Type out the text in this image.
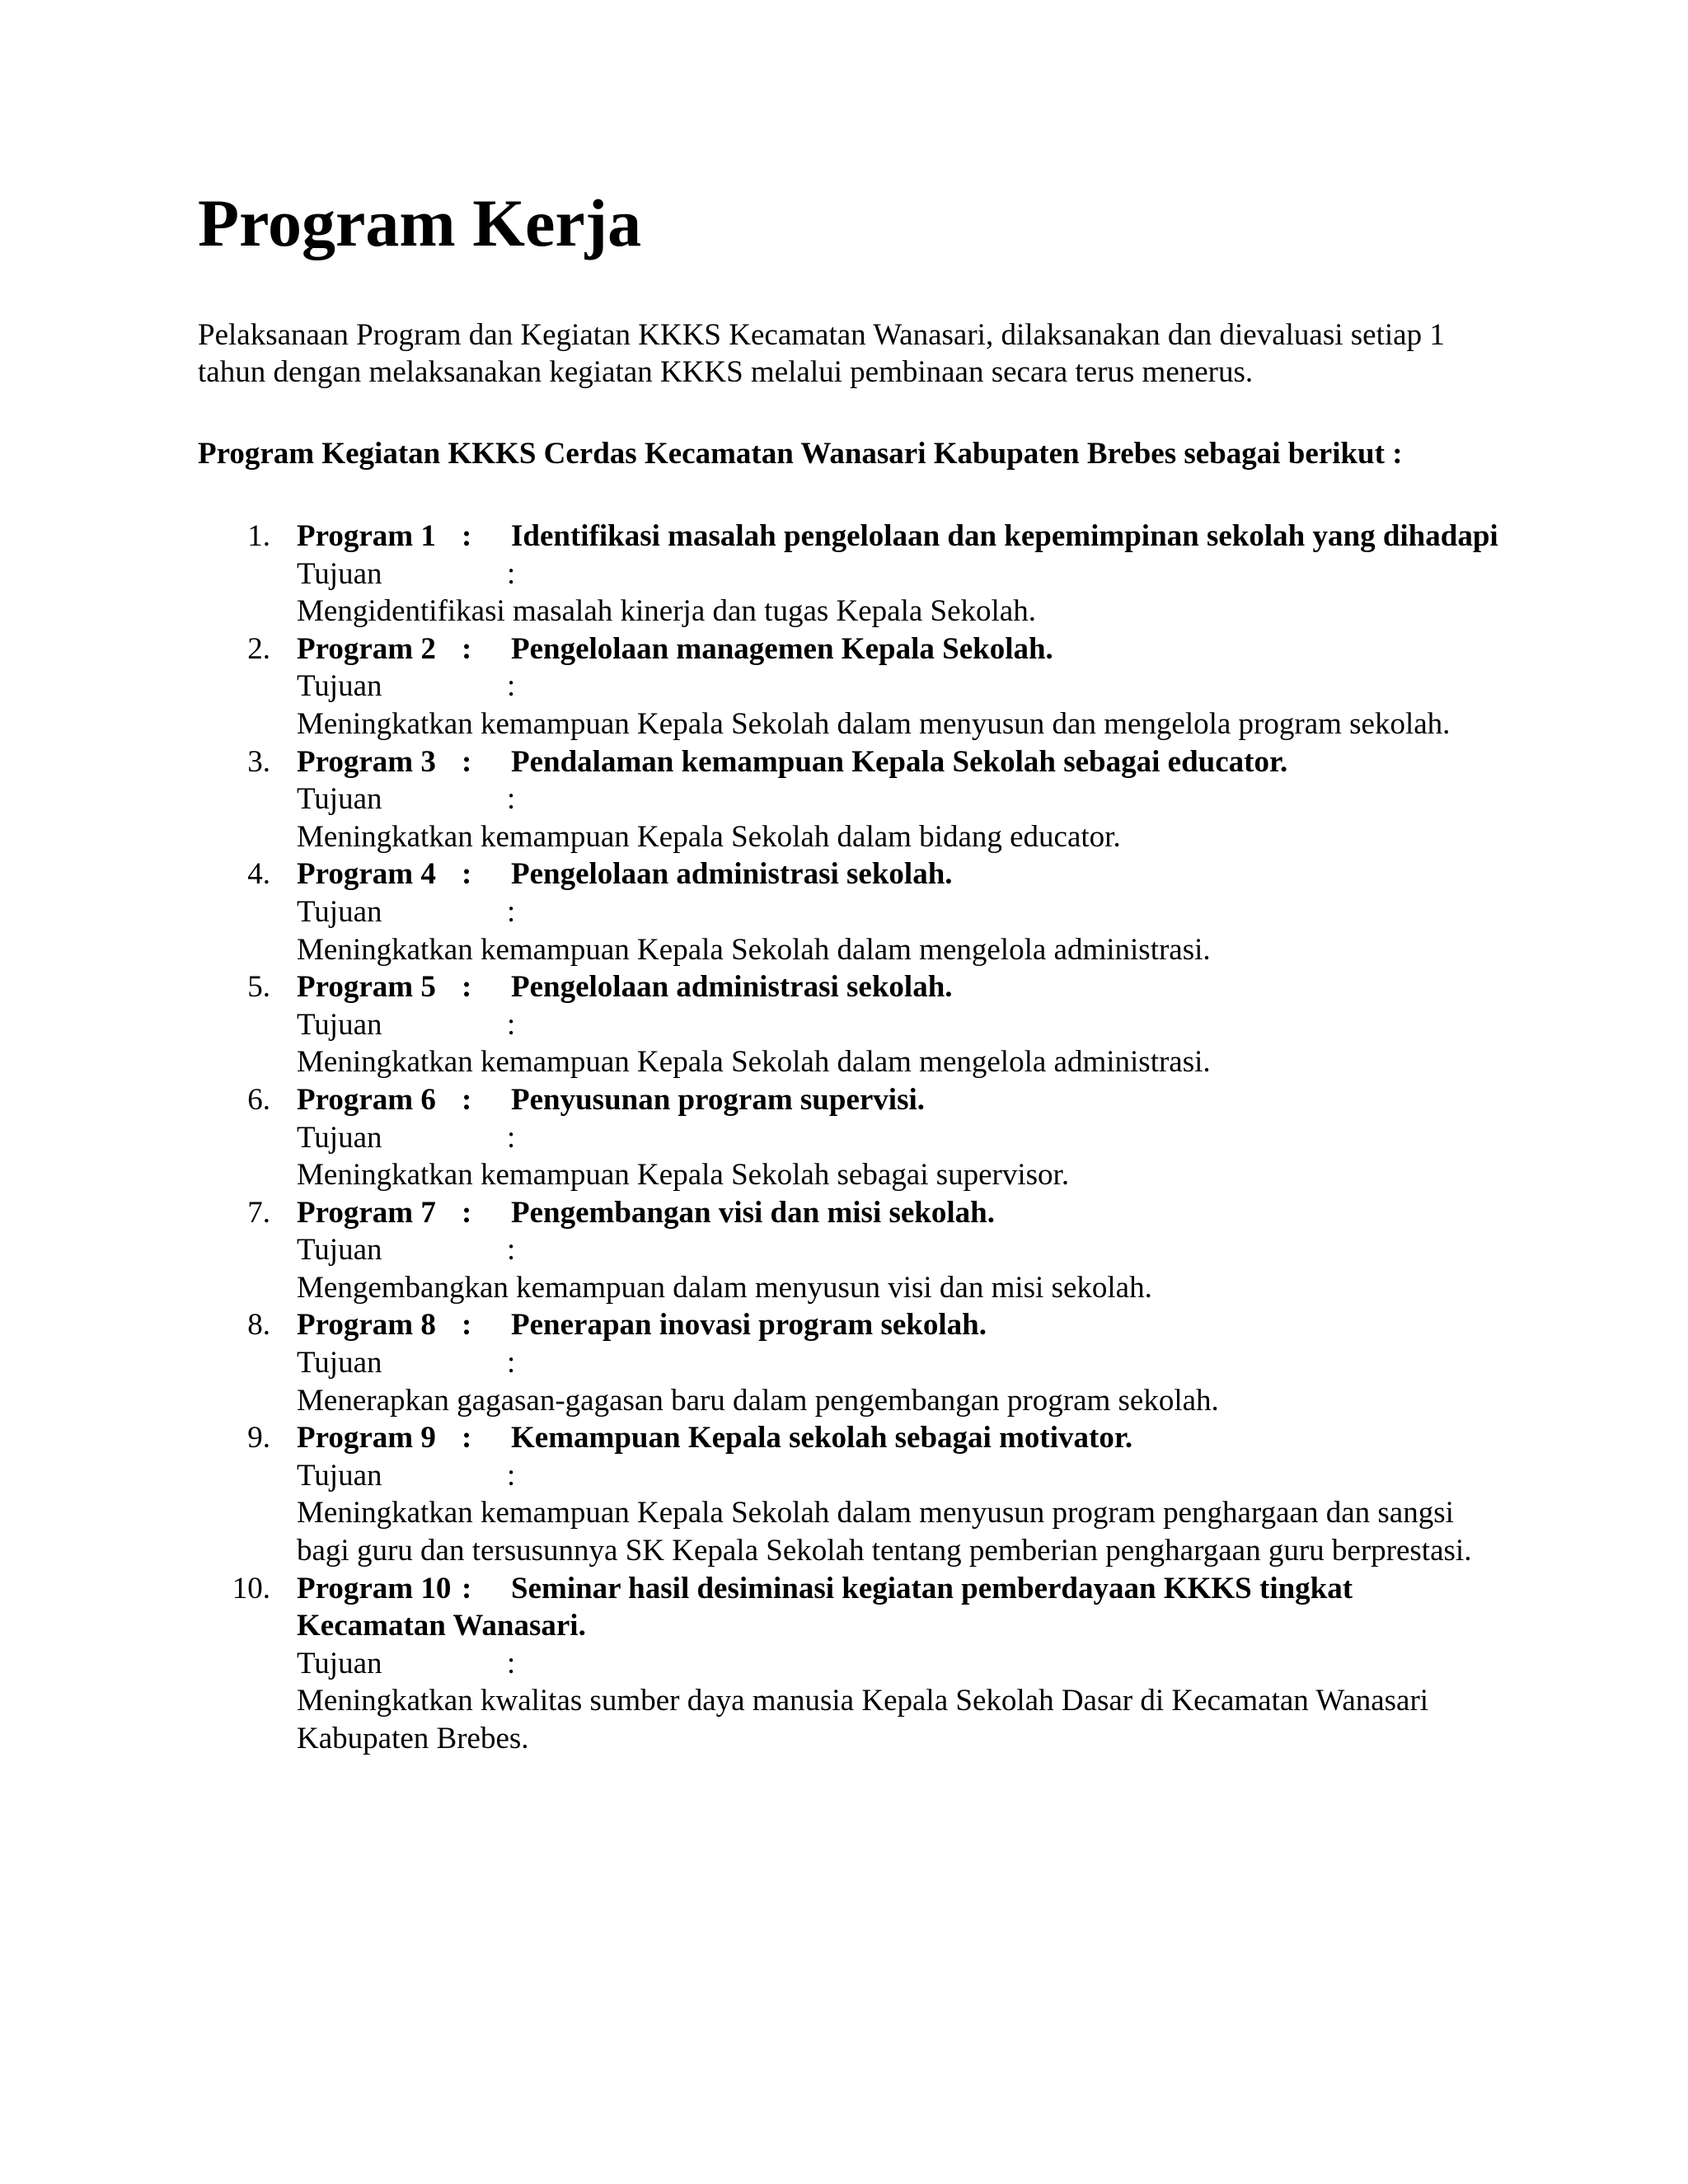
Program Kerja

Pelaksanaan Program dan Kegiatan KKKS Kecamatan Wanasari, dilaksanakan dan dievaluasi setiap 1 tahun dengan melaksanakan kegiatan KKKS melalui pembinaan secara terus menerus.

Program Kegiatan KKKS Cerdas Kecamatan Wanasari Kabupaten Brebes sebagai berikut :

1. Program 1 : Identifikasi masalah pengelolaan dan kepemimpinan sekolah yang dihadapi
Tujuan	:
Mengidentifikasi masalah kinerja dan tugas Kepala Sekolah.
2. Program 2 : Pengelolaan managemen Kepala Sekolah.
Tujuan	:
Meningkatkan kemampuan Kepala Sekolah dalam menyusun dan mengelola program sekolah.
3. Program 3 : Pendalaman kemampuan Kepala Sekolah sebagai educator.
Tujuan	:
Meningkatkan kemampuan Kepala Sekolah dalam bidang educator.
4. Program 4 : Pengelolaan administrasi sekolah.
Tujuan	:
Meningkatkan kemampuan Kepala Sekolah dalam mengelola administrasi.
5. Program 5 : Pengelolaan administrasi sekolah.
Tujuan	:
Meningkatkan kemampuan Kepala Sekolah dalam mengelola administrasi.
6. Program 6 : Penyusunan program supervisi.
Tujuan	:
Meningkatkan kemampuan Kepala Sekolah sebagai supervisor.
7. Program 7 : Pengembangan visi dan misi sekolah.
Tujuan	:
Mengembangkan kemampuan dalam menyusun visi dan misi sekolah.
8. Program 8 : Penerapan inovasi program sekolah.
Tujuan	:
Menerapkan gagasan-gagasan baru dalam pengembangan program sekolah.
9. Program 9 : Kemampuan Kepala sekolah sebagai motivator.
Tujuan	:
Meningkatkan kemampuan Kepala Sekolah dalam menyusun program penghargaan dan sangsi bagi guru dan tersusunnya SK Kepala Sekolah tentang pemberian penghargaan guru berprestasi.
10. Program 10 : Seminar hasil desiminasi kegiatan pemberdayaan KKKS tingkat Kecamatan Wanasari.
Tujuan	:
Meningkatkan kwalitas sumber daya manusia Kepala Sekolah Dasar di Kecamatan Wanasari Kabupaten Brebes.
